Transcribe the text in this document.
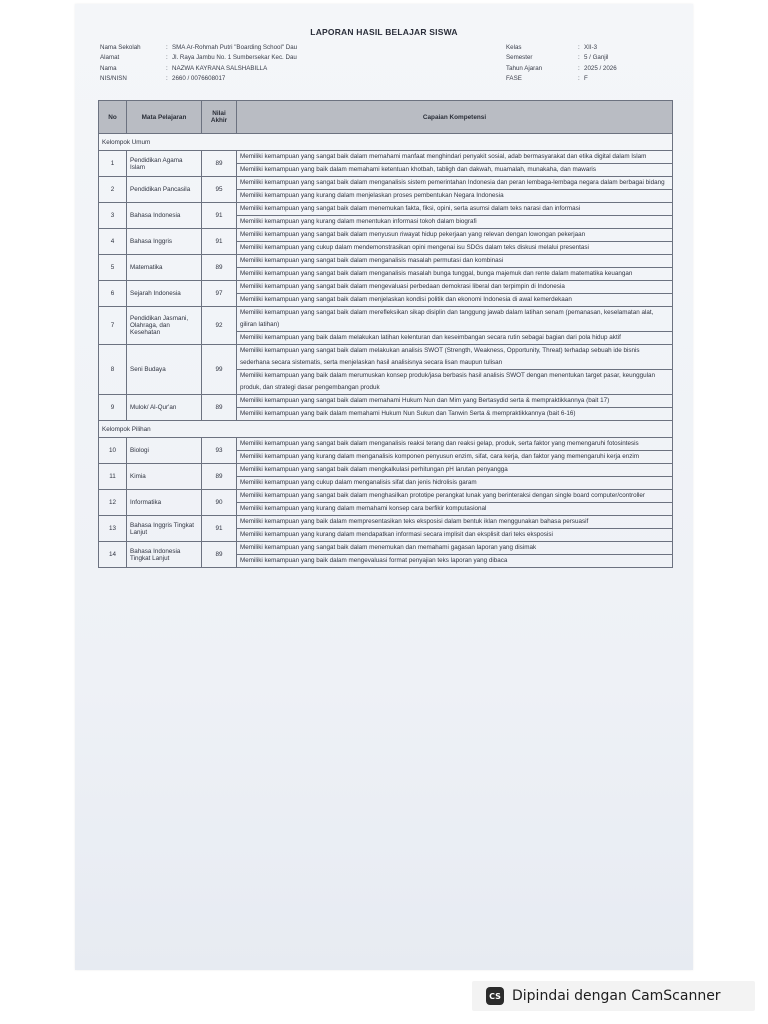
LAPORAN HASIL BELAJAR SISWA
Nama Sekolah	: SMA Ar-Rohmah Putri "Boarding School" Dau
Alamat	: Jl. Raya Jambu No. 1 Sumbersekar Kec. Dau
Nama	: NAZWA KAYRANA SALSHABILLA
NIS/NISN	: 2660 / 0076608017
Kelas	: XII-3
Semester	: 5 / Ganjil
Tahun Ajaran	: 2025 / 2026
FASE	: F
No	Mata Pelajaran	Nilai Akhir	Capaian Kompetensi
Kelompok Umum			
1	Pendidikan Agama Islam	89	Memiliki kemampuan yang sangat baik dalam memahami manfaat menghindari penyakit sosial, adab bermasyarakat dan etika digital dalam Islam
			Memiliki kemampuan yang baik dalam memahami ketentuan khotbah, tabligh dan dakwah, muamalah, munakaha, dan mawaris
2	Pendidikan Pancasila	95	Memiliki kemampuan yang sangat baik dalam menganalisis sistem pemerintahan Indonesia dan peran lembaga-lembaga negara dalam berbagai bidang
			Memiliki kemampuan yang kurang dalam menjelaskan proses pembentukan Negara Indonesia
3	Bahasa Indonesia	91	Memiliki kemampuan yang sangat baik dalam menemukan fakta, fiksi, opini, serta asumsi dalam teks narasi dan informasi
			Memiliki kemampuan yang kurang dalam menentukan informasi tokoh dalam biografi
4	Bahasa Inggris	91	Memiliki kemampuan yang sangat baik dalam menyusun riwayat hidup pekerjaan yang relevan dengan lowongan pekerjaan
			Memiliki kemampuan yang cukup dalam mendemonstrasikan opini mengenai isu SDGs dalam teks diskusi melalui presentasi
5	Matematika	89	Memiliki kemampuan yang sangat baik dalam menganalisis masalah permutasi dan kombinasi
			Memiliki kemampuan yang sangat baik dalam menganalisis masalah bunga tunggal, bunga majemuk dan rente dalam matematika keuangan
6	Sejarah Indonesia	97	Memiliki kemampuan yang sangat baik dalam mengevaluasi perbedaan demokrasi liberal dan terpimpin di Indonesia
			Memiliki kemampuan yang sangat baik dalam menjelaskan kondisi politik dan ekonomi Indonesia di awal kemerdekaan
7	Pendidikan Jasmani, Olahraga, dan Kesehatan	92	Memiliki kemampuan yang sangat baik dalam merefleksikan sikap disiplin dan tanggung jawab dalam latihan senam (pemanasan, keselamatan alat, giliran latihan)
			Memiliki kemampuan yang baik dalam melakukan latihan kelenturan dan keseimbangan secara rutin sebagai bagian dari pola hidup aktif
8	Seni Budaya	99	Memiliki kemampuan yang sangat baik dalam melakukan analisis SWOT (Strength, Weakness, Opportunity, Threat) terhadap sebuah ide bisnis sederhana secara sistematis, serta menjelaskan hasil analisisnya secara lisan maupun tulisan
			Memiliki kemampuan yang baik dalam merumuskan konsep produk/jasa berbasis hasil analisis SWOT dengan menentukan target pasar, keunggulan produk, dan strategi dasar pengembangan produk
9	Mulok/ Al-Qur'an	89	Memiliki kemampuan yang sangat baik dalam memahami Hukum Nun dan Mim yang Bertasydid serta & mempraktikkannya (bait 17)
			Memiliki kemampuan yang baik dalam memahami Hukum Nun Sukun dan Tanwin Serta & mempraktikkannya (bait 6-16)
Kelompok Pilihan			
10	Biologi	93	Memiliki kemampuan yang sangat baik dalam menganalisis reaksi terang dan reaksi gelap, produk, serta faktor yang memengaruhi fotosintesis
			Memiliki kemampuan yang kurang dalam menganalisis komponen penyusun enzim, sifat, cara kerja, dan faktor yang memengaruhi kerja enzim
11	Kimia	89	Memiliki kemampuan yang sangat baik dalam mengkalkulasi perhitungan pH larutan penyangga
			Memiliki kemampuan yang cukup dalam menganalisis sifat dan jenis hidrolisis garam
12	Informatika	90	Memiliki kemampuan yang sangat baik dalam menghasilkan prototipe perangkat lunak yang berinteraksi dengan single board computer/controller
			Memiliki kemampuan yang kurang dalam memahami konsep cara berfikir komputasional
13	Bahasa Inggris Tingkat Lanjut	91	Memiliki kemampuan yang baik dalam mempresentasikan teks eksposisi dalam bentuk iklan menggunakan bahasa persuasif
			Memiliki kemampuan yang kurang dalam mendapatkan informasi secara implisit dan eksplisit dari teks eksposisi
14	Bahasa Indonesia Tingkat Lanjut	89	Memiliki kemampuan yang sangat baik dalam menemukan dan memahami gagasan laporan yang disimak
			Memiliki kemampuan yang baik dalam mengevaluasi format penyajian teks laporan yang dibaca
CS Dipindai dengan CamScanner
